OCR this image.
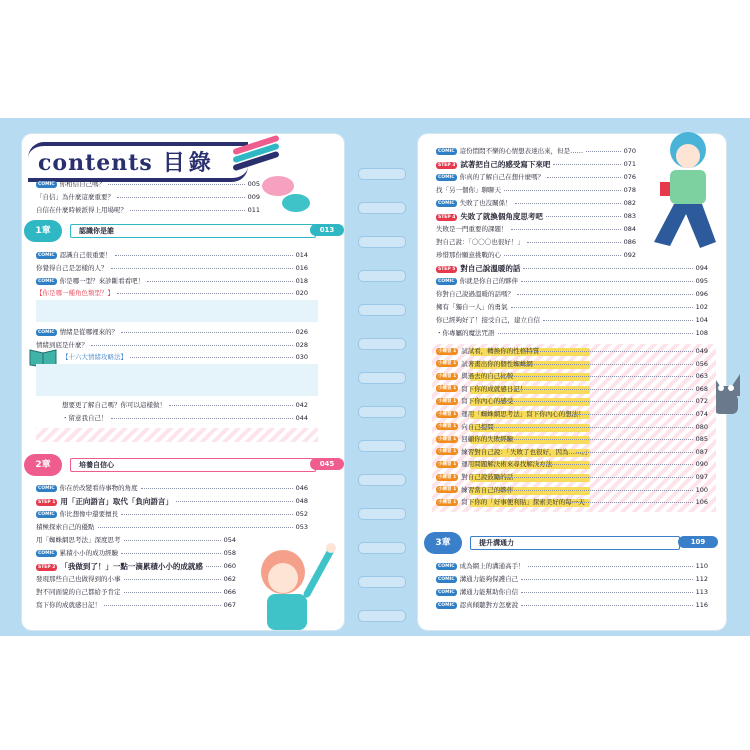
contents 目錄
COMIC 你相信自己嗎？	005
「自信」為什麼這麼重要？	009
自信在什麼時候派得上用場呢？	011
COMIC 認識自己很重要！	014
你覺得自己是怎樣的人？	016
COMIC 你是哪一型？來診斷看看吧！	018
【你是哪一種角色類型？】	020
COMIC 情緒是從哪裡來的？	026
情緒到底是什麼？	028
【十六大情緒攻略法】	030
想要更了解自己嗎？你可以這樣做！	042
・留意我自己！	044
COMIC 你在於改變看待事物的角度	046
STEP 1 用「正向語言」取代「負向語言」	048
COMIC 你比想像中還要擅長	052
積極探索自己的優點	053
用「蜘蛛網思考法」深度思考	054
COMIC 累積小小的成功經驗	058
STEP 2 「我做到了！」一點一滴累積小小的成就感	060
發現那些自己也做得到的小事	062
對不同面貌的自己都給予肯定	066
寫下你的成就感日記！	067
1章	認識你是誰	013
2章	培養自信心	045
COMIC 這份悶悶不樂的心情想表達出來，但是……	070
STEP 3 試著把自己的感受寫下來吧	071
COMIC 你真的了解自己在想什麼嗎？	076
找「另一個你」聊聊天	078
COMIC 失敗了也沒關係！	082
STEP 4 失敗了就換個角度思考吧	083
失敗是一門重要的課題！	084
對自己說：「〇〇〇也很好！」	086
珍惜那份願意挑戰的心	092
STEP 5 對自己說溫暖的話	094
COMIC 你就是你自己的夥伴	095
你對自己說過溫暖的話嗎？	096
擁有「獨自一人」的勇氣	102
你已經夠好了！接受自己，建立自信	104
・你專屬的魔法咒語	108
小練習 1 試試看，轉換你的性格特質	049
小練習 1 試著畫出你的個性蜘蛛網	056
小練習 1 與過去的自己比較	063
小練習 1 寫下你的成就感日記！	068
小練習 1 寫下你內心的感受	072
小練習 1 運用「蜘蛛網思考法」寫下你內心的想法！	074
小練習 1 向自己提問	080
小練習 1 回顧你的失敗經驗	085
小練習 1 練習對自己說：「失敗了也很好，因為……。」	087
小練習 1 運用問題解決術來尋找解決方法	090
小練習 1 對自己說鼓勵的話	097
小練習 1 練習當自己的夥伴	100
小練習 1 寫下你的「好事便利貼」探索美好的每一天	106
COMIC 成為網上的溝通高手！	110
COMIC 溝通力能夠保護自己	112
COMIC 溝通力能幫助你自信	113
COMIC 認真傾聽對方怎麼說	116
3章	提升溝通力	109
